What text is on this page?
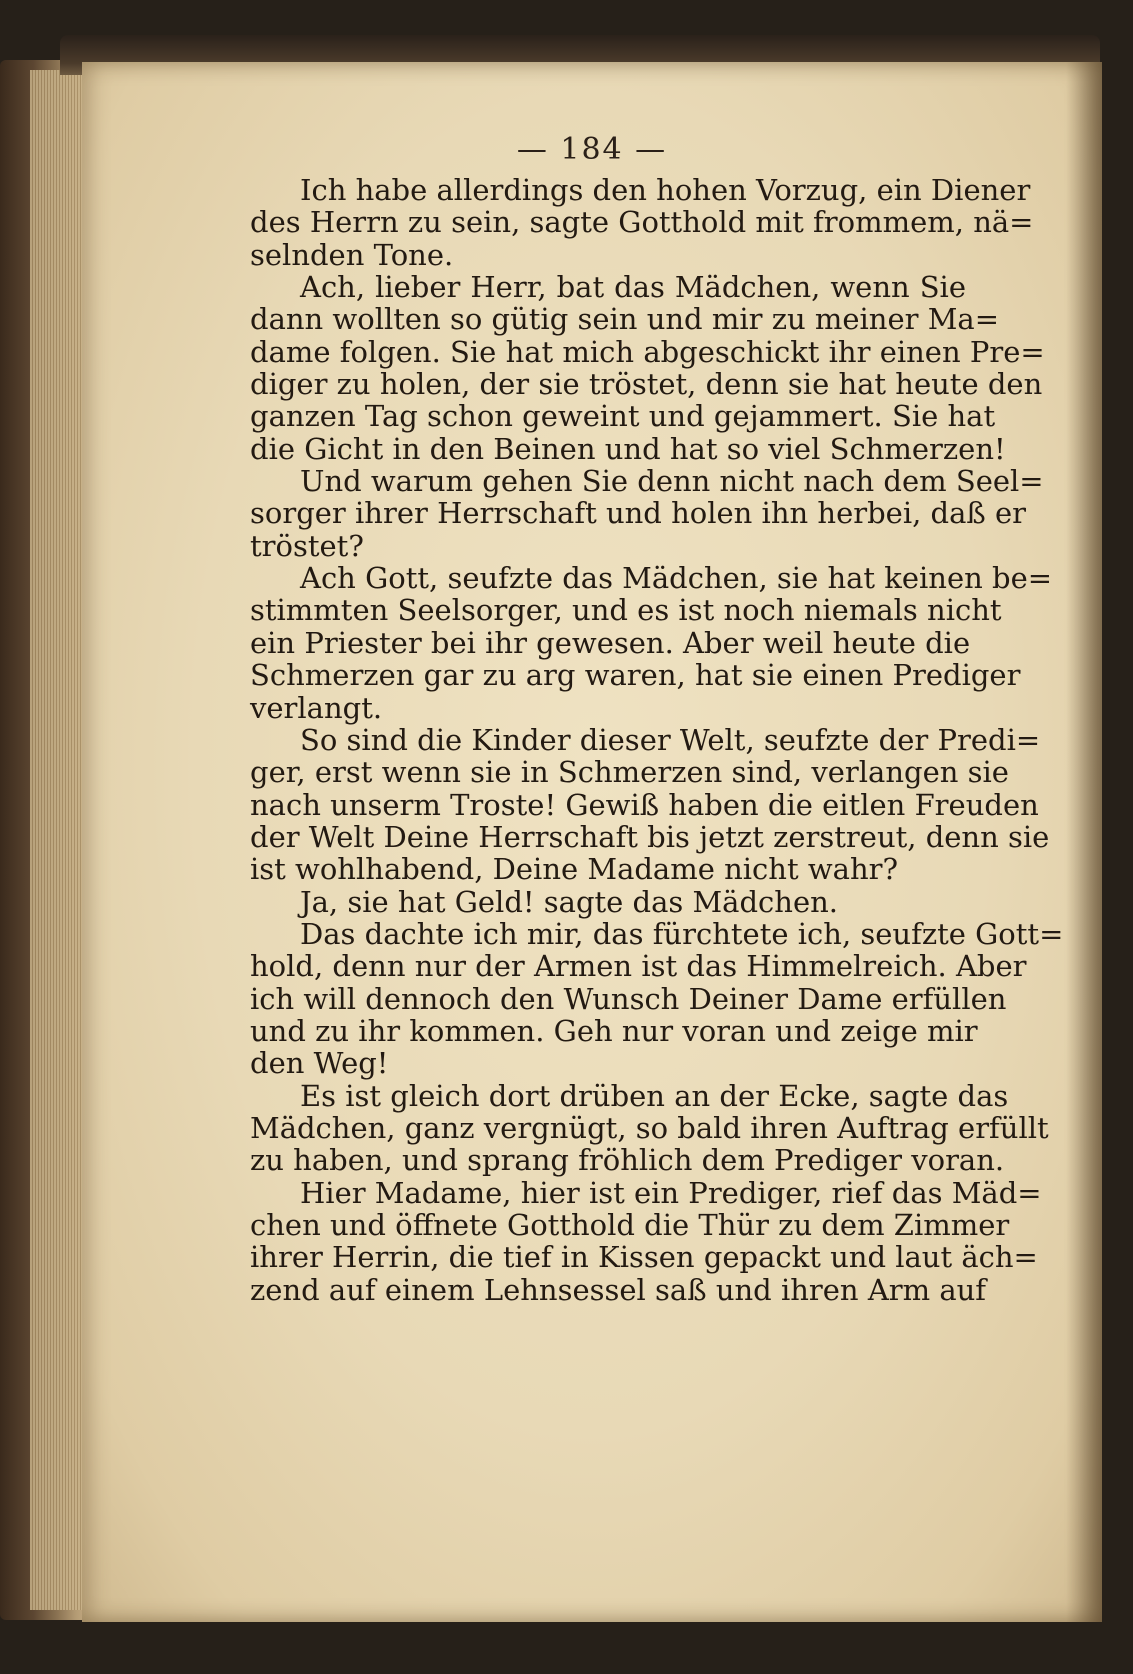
— 184 —
Ich habe allerdings den hohen Vorzug, ein Diener
des Herrn zu sein, sagte Gotthold mit frommem, nä=
selnden Tone.
Ach, lieber Herr, bat das Mädchen, wenn Sie
dann wollten so gütig sein und mir zu meiner Ma=
dame folgen. Sie hat mich abgeschickt ihr einen Pre=
diger zu holen, der sie tröstet, denn sie hat heute den
ganzen Tag schon geweint und gejammert. Sie hat
die Gicht in den Beinen und hat so viel Schmerzen!
Und warum gehen Sie denn nicht nach dem Seel=
sorger ihrer Herrschaft und holen ihn herbei, daß er
tröstet?
Ach Gott, seufzte das Mädchen, sie hat keinen be=
stimmten Seelsorger, und es ist noch niemals nicht
ein Priester bei ihr gewesen. Aber weil heute die
Schmerzen gar zu arg waren, hat sie einen Prediger
verlangt.
So sind die Kinder dieser Welt, seufzte der Predi=
ger, erst wenn sie in Schmerzen sind, verlangen sie
nach unserm Troste! Gewiß haben die eitlen Freuden
der Welt Deine Herrschaft bis jetzt zerstreut, denn sie
ist wohlhabend, Deine Madame nicht wahr?
Ja, sie hat Geld! sagte das Mädchen.
Das dachte ich mir, das fürchtete ich, seufzte Gott=
hold, denn nur der Armen ist das Himmelreich. Aber
ich will dennoch den Wunsch Deiner Dame erfüllen
und zu ihr kommen. Geh nur voran und zeige mir
den Weg!
Es ist gleich dort drüben an der Ecke, sagte das
Mädchen, ganz vergnügt, so bald ihren Auftrag erfüllt
zu haben, und sprang fröhlich dem Prediger voran.
Hier Madame, hier ist ein Prediger, rief das Mäd=
chen und öffnete Gotthold die Thür zu dem Zimmer
ihrer Herrin, die tief in Kissen gepackt und laut äch=
zend auf einem Lehnsessel saß und ihren Arm auf
